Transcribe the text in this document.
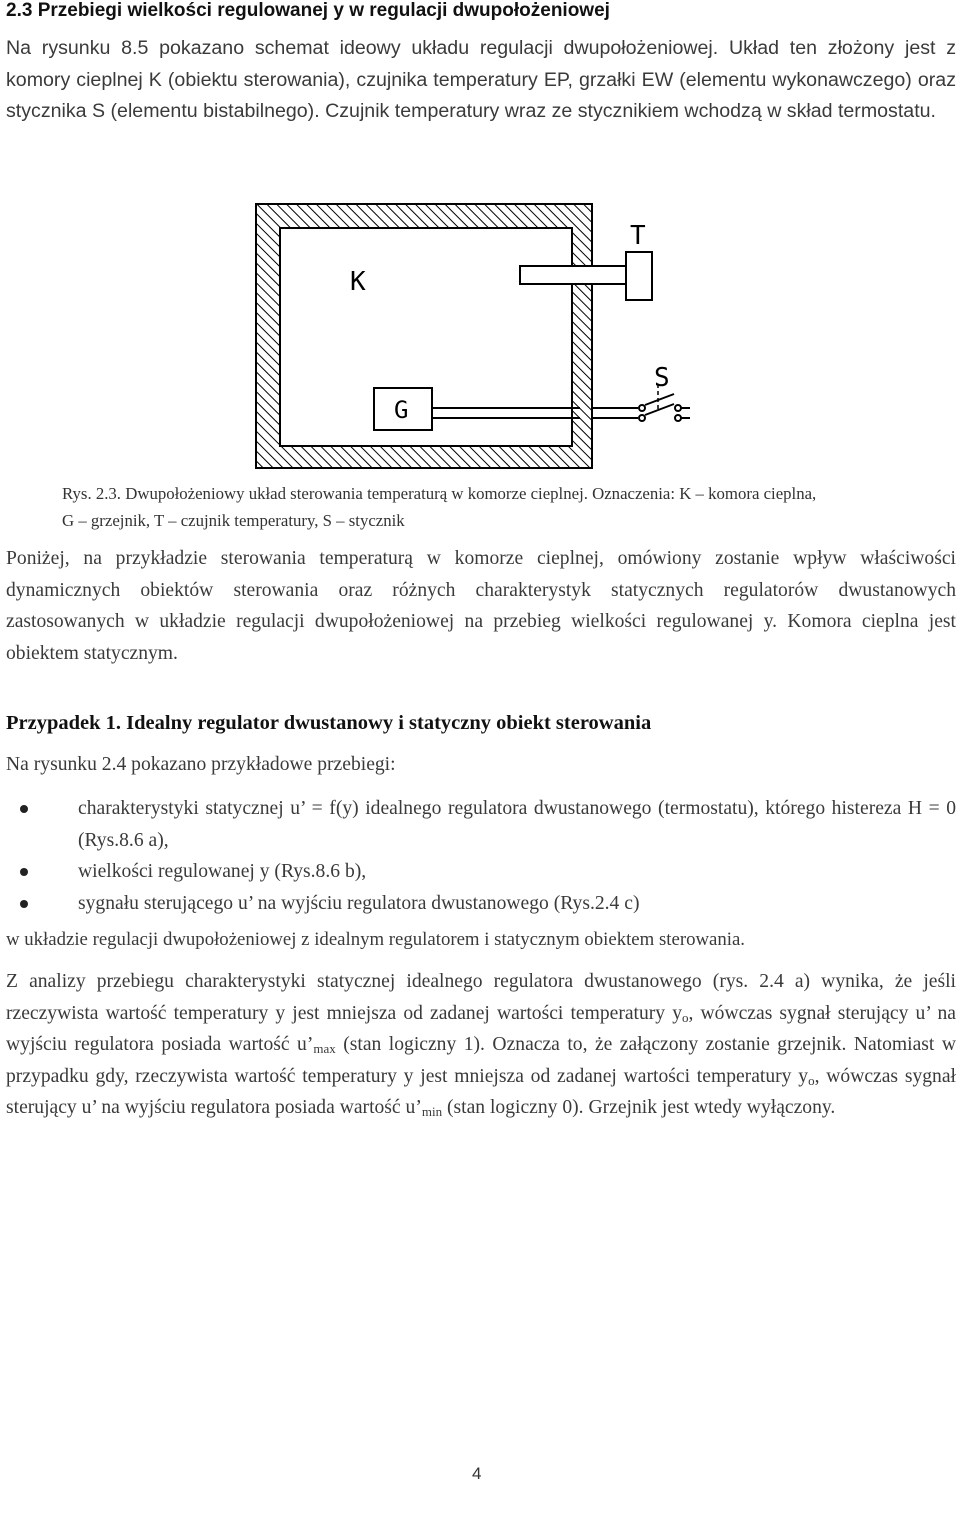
2.3 Przebiegi wielkości regulowanej y w regulacji dwupołożeniowej
Na rysunku 8.5 pokazano schemat ideowy układu regulacji dwupołożeniowej. Układ ten złożony jest z komory cieplnej K (obiektu sterowania), czujnika temperatury EP, grzałki EW (elementu wykonawczego) oraz stycznika S (elementu bistabilnego). Czujnik temperatury wraz ze stycznikiem wchodzą w skład termostatu.
K
T
S
G
Rys. 2.3. Dwupołożeniowy układ sterowania temperaturą w komorze cieplnej. Oznaczenia: K – komora cieplna,
G – grzejnik, T – czujnik temperatury, S – stycznik
Poniżej, na przykładzie sterowania temperaturą w komorze cieplnej, omówiony zostanie wpływ właściwości dynamicznych obiektów sterowania oraz różnych charakterystyk statycznych regulatorów dwustanowych zastosowanych w układzie regulacji dwupołożeniowej na przebieg wielkości regulowanej y. Komora cieplna jest obiektem statycznym.
Przypadek 1. Idealny regulator dwustanowy i statyczny obiekt sterowania
Na rysunku 2.4 pokazano przykładowe przebiegi:
charakterystyki statycznej u’ = f(y) idealnego regulatora dwustanowego (termostatu), którego histereza H = 0 (Rys.8.6 a),
wielkości regulowanej y (Rys.8.6 b),
sygnału sterującego u’ na wyjściu regulatora dwustanowego (Rys.2.4 c)
w układzie regulacji dwupołożeniowej z idealnym regulatorem i statycznym obiektem sterowania.
Z analizy przebiegu charakterystyki statycznej idealnego regulatora dwustanowego (rys. 2.4 a) wynika, że jeśli rzeczywista wartość temperatury y jest mniejsza od zadanej wartości temperatury $y_o$, wówczas sygnał sterujący u’ na wyjściu regulatora posiada wartość $u’_{max}$ (stan logiczny 1). Oznacza to, że załączony zostanie grzejnik. Natomiast w przypadku gdy, rzeczywista wartość temperatury y jest mniejsza od zadanej wartości temperatury $y_o$, wówczas sygnał sterujący u’ na wyjściu regulatora posiada wartość $u’_{min}$ (stan logiczny 0). Grzejnik jest wtedy wyłączony.
4
